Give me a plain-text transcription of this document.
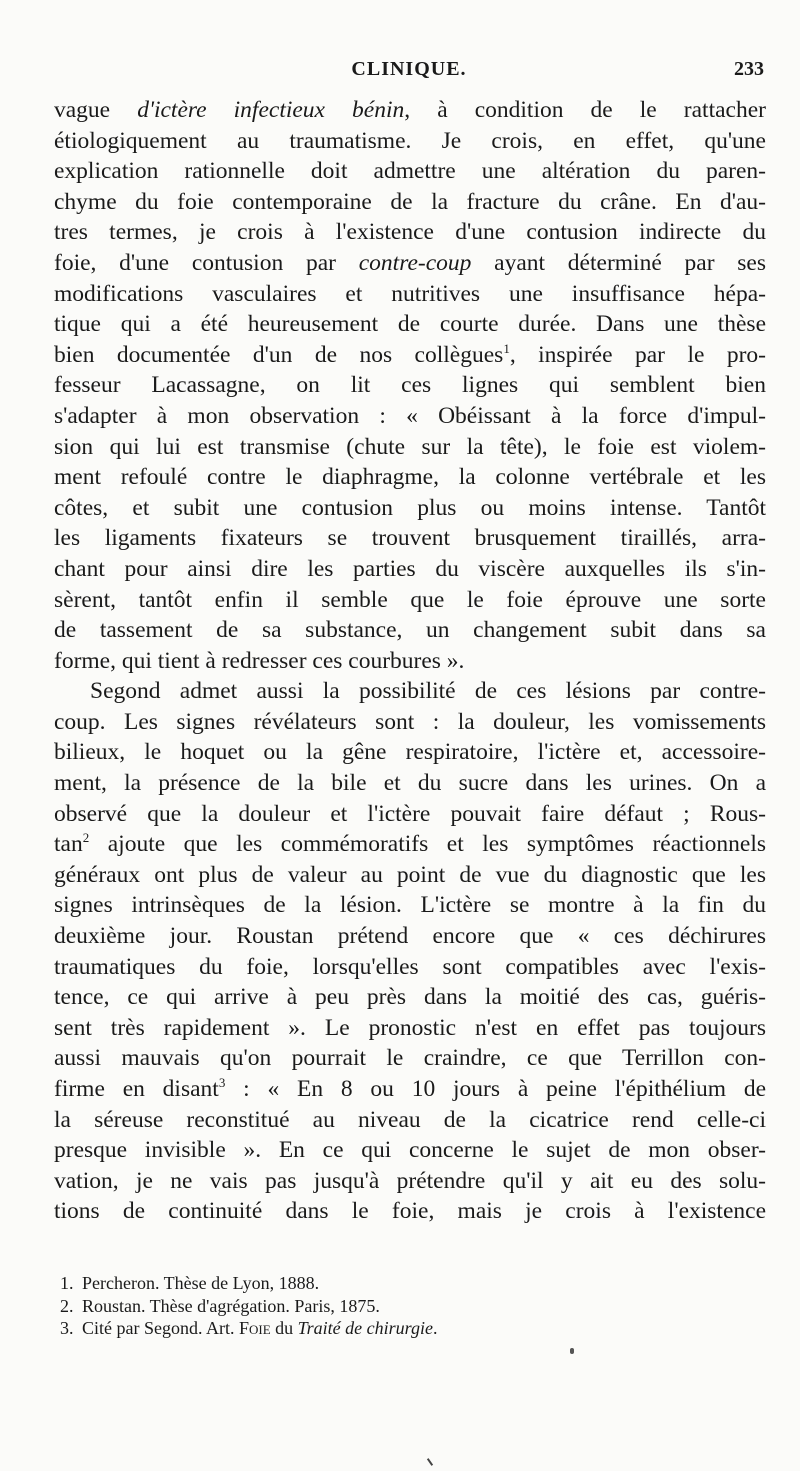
CLINIQUE.	233
vague d'ictère infectieux bénin, à condition de le rattacher
étiologiquement au traumatisme. Je crois, en effet, qu'une
explication rationnelle doit admettre une altération du paren-
chyme du foie contemporaine de la fracture du crâne. En d'au-
tres termes, je crois à l'existence d'une contusion indirecte du
foie, d'une contusion par contre-coup ayant déterminé par ses
modifications vasculaires et nutritives une insuffisance hépa-
tique qui a été heureusement de courte durée. Dans une thèse
bien documentée d'un de nos collègues$^1$, inspirée par le pro-
fesseur Lacassagne, on lit ces lignes qui semblent bien
s'adapter à mon observation : « Obéissant à la force d'impul-
sion qui lui est transmise (chute sur la tête), le foie est violem-
ment refoulé contre le diaphragme, la colonne vertébrale et les
côtes, et subit une contusion plus ou moins intense. Tantôt
les ligaments fixateurs se trouvent brusquement tiraillés, arra-
chant pour ainsi dire les parties du viscère auxquelles ils s'in-
sèrent, tantôt enfin il semble que le foie éprouve une sorte
de tassement de sa substance, un changement subit dans sa
forme, qui tient à redresser ces courbures ».
Segond admet aussi la possibilité de ces lésions par contre-
coup. Les signes révélateurs sont : la douleur, les vomissements
bilieux, le hoquet ou la gêne respiratoire, l'ictère et, accessoire-
ment, la présence de la bile et du sucre dans les urines. On a
observé que la douleur et l'ictère pouvait faire défaut ; Rous-
tan$^2$ ajoute que les commémoratifs et les symptômes réactionnels
généraux ont plus de valeur au point de vue du diagnostic que les
signes intrinsèques de la lésion. L'ictère se montre à la fin du
deuxième jour. Roustan prétend encore que « ces déchirures
traumatiques du foie, lorsqu'elles sont compatibles avec l'exis-
tence, ce qui arrive à peu près dans la moitié des cas, guéris-
sent très rapidement ». Le pronostic n'est en effet pas toujours
aussi mauvais qu'on pourrait le craindre, ce que Terrillon con-
firme en disant$^3$ : « En 8 ou 10 jours à peine l'épithélium de
la séreuse reconstitué au niveau de la cicatrice rend celle-ci
presque invisible ». En ce qui concerne le sujet de mon obser-
vation, je ne vais pas jusqu'à prétendre qu'il y ait eu des solu-
tions de continuité dans le foie, mais je crois à l'existence
1. Percheron. Thèse de Lyon, 1888.
2. Roustan. Thèse d'agrégation. Paris, 1875.
3. Cité par Segond. Art. Foie du Traité de chirurgie.
